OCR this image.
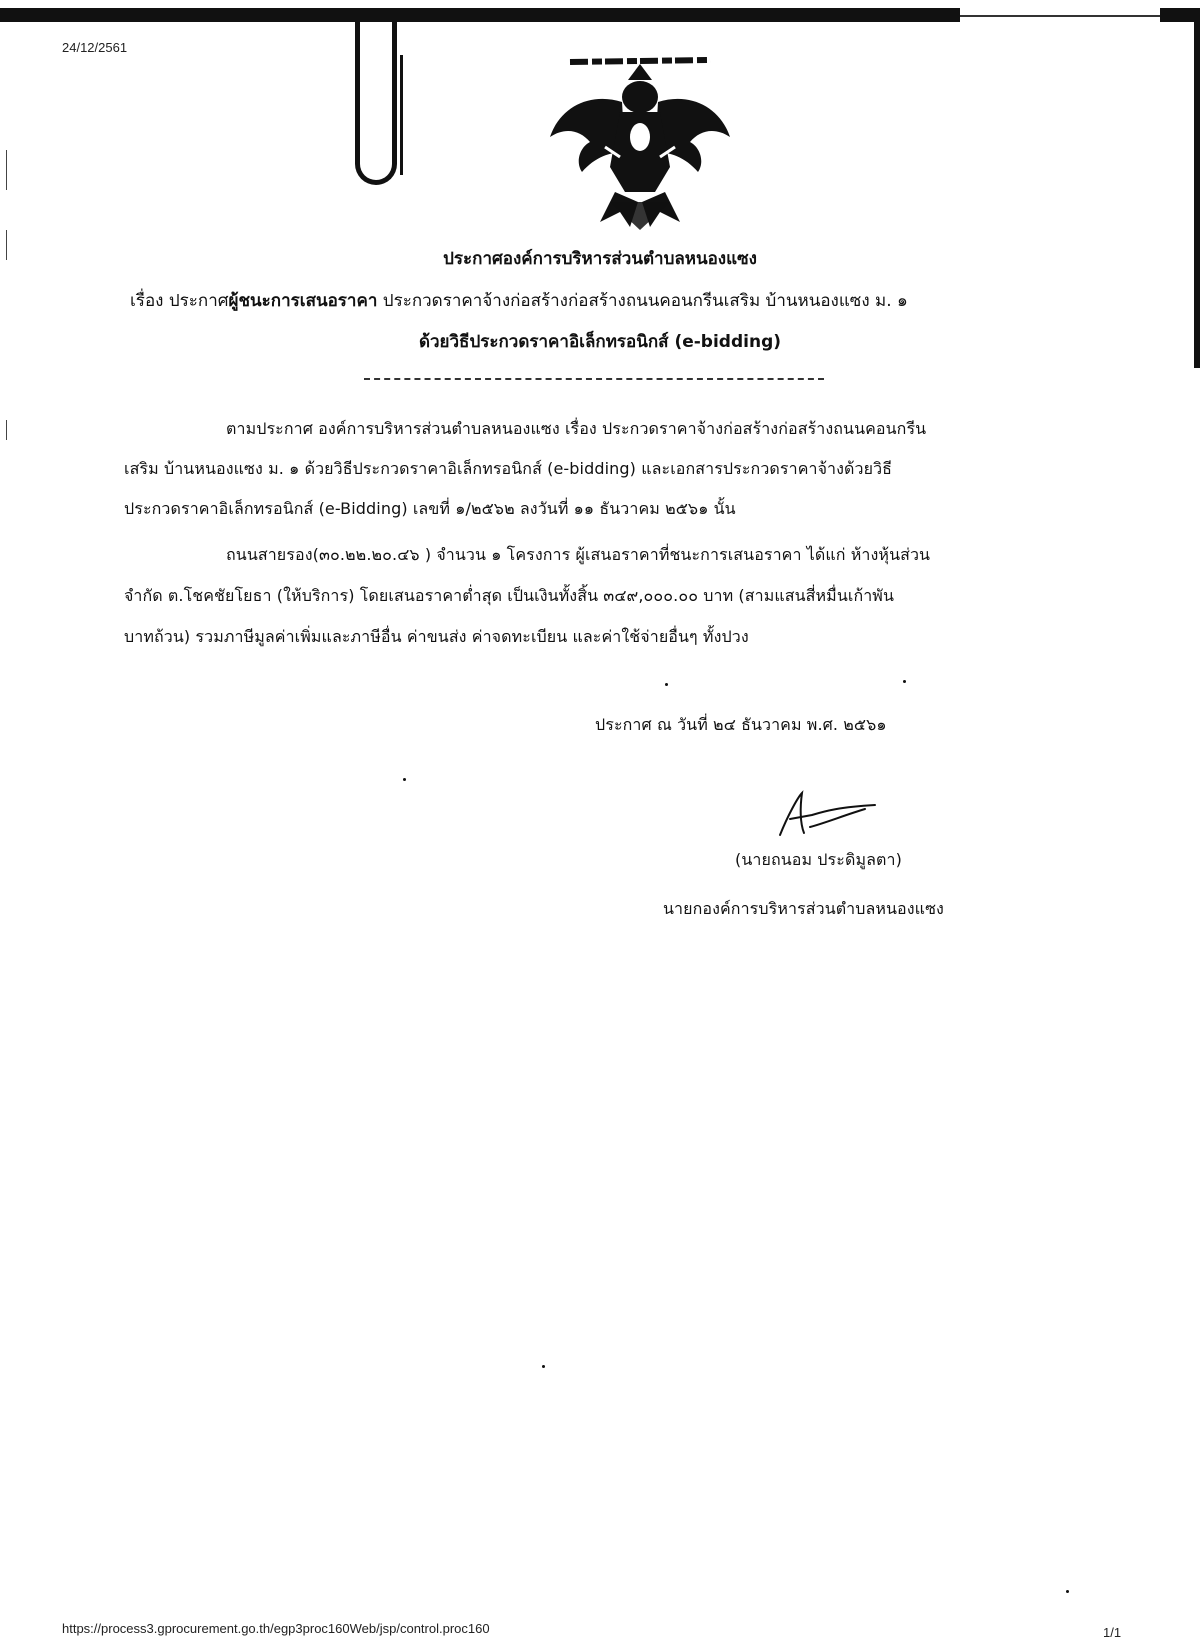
24/12/2561
ประกาศองค์การบริหารส่วนตำบลหนองแซง
เรื่อง ประกาศผู้ชนะการเสนอราคา ประกวดราคาจ้างก่อสร้างก่อสร้างถนนคอนกรีนเสริม บ้านหนองแซง ม. ๑
ด้วยวิธีประกวดราคาอิเล็กทรอนิกส์ (e-bidding)
ตามประกาศ องค์การบริหารส่วนตำบลหนองแซง เรื่อง ประกวดราคาจ้างก่อสร้างก่อสร้างถนนคอนกรีน
เสริม บ้านหนองแซง ม. ๑ ด้วยวิธีประกวดราคาอิเล็กทรอนิกส์ (e-bidding) และเอกสารประกวดราคาจ้างด้วยวิธี
ประกวดราคาอิเล็กทรอนิกส์ (e-Bidding) เลขที่ ๑/๒๕๖๒ ลงวันที่ ๑๑ ธันวาคม ๒๕๖๑ นั้น
ถนนสายรอง(๓๐.๒๒.๒๐.๔๖ ) จำนวน ๑ โครงการ ผู้เสนอราคาที่ชนะการเสนอราคา ได้แก่ ห้างหุ้นส่วน
จำกัด ต.โชคชัยโยธา (ให้บริการ) โดยเสนอราคาต่ำสุด เป็นเงินทั้งสิ้น ๓๔๙,๐๐๐.๐๐ บาท (สามแสนสี่หมื่นเก้าพัน
บาทถ้วน) รวมภาษีมูลค่าเพิ่มและภาษีอื่น ค่าขนส่ง ค่าจดทะเบียน และค่าใช้จ่ายอื่นๆ ทั้งปวง
ประกาศ ณ วันที่ ๒๔ ธันวาคม พ.ศ. ๒๕๖๑
(นายถนอม ประดิมูลตา)
นายกองค์การบริหารส่วนตำบลหนองแซง
https://process3.gprocurement.go.th/egp3proc160Web/jsp/control.proc160	1/1
